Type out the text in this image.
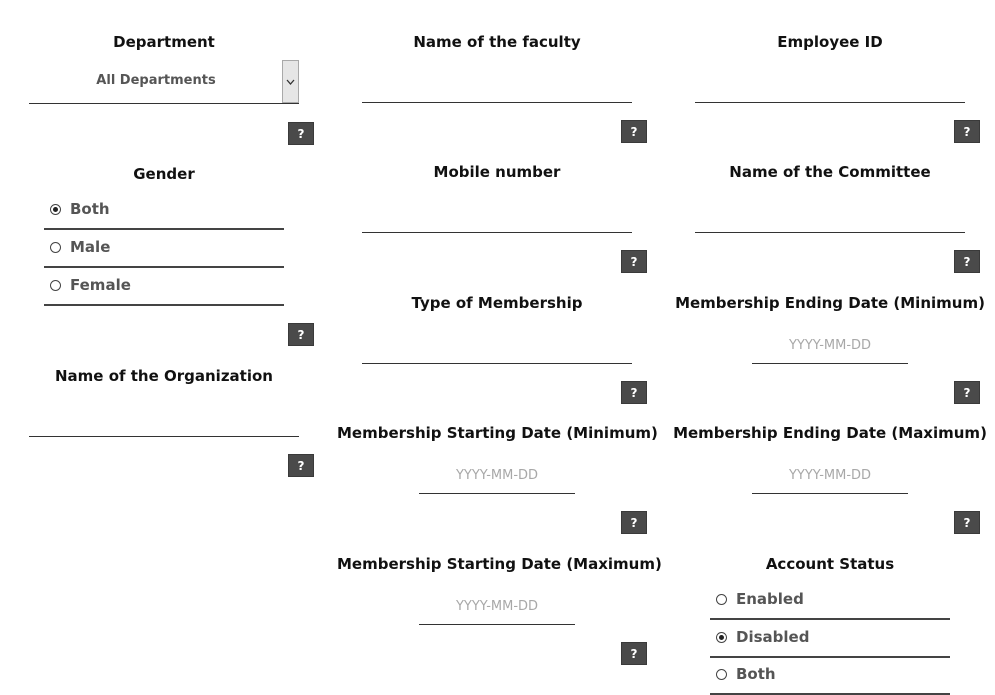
Department
All Departments
?
Gender
Both
Male
Female
?
Name of the Organization
?
Name of the faculty
?
Mobile number
?
Type of Membership
?
Membership Starting Date (Minimum)
YYYY-MM-DD
?
Membership Starting Date (Maximum)
YYYY-MM-DD
?
Employee ID
?
Name of the Committee
?
Membership Ending Date (Minimum)
YYYY-MM-DD
?
Membership Ending Date (Maximum)
YYYY-MM-DD
?
Account Status
Enabled
Disabled
Both
